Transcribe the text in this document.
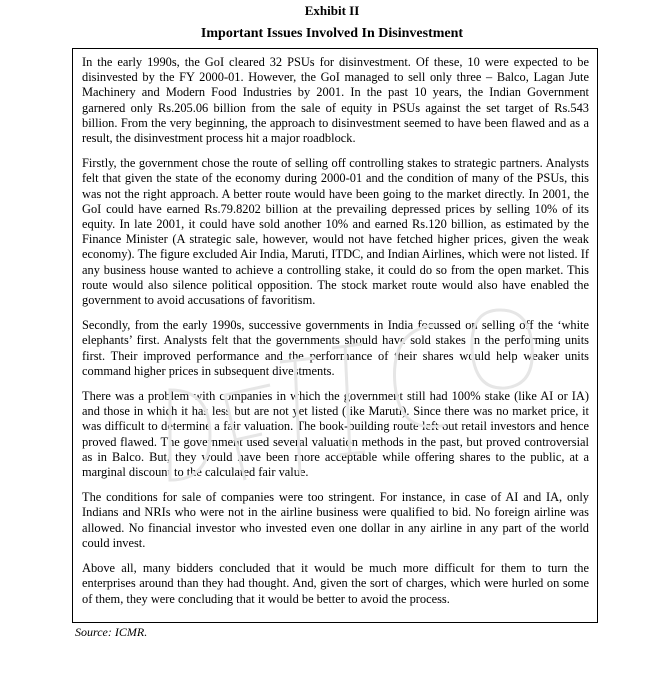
Exhibit II
Important Issues Involved In Disinvestment

In the early 1990s, the GoI cleared 32 PSUs for disinvestment. Of these, 10 were expected to be disinvested by the FY 2000-01. However, the GoI managed to sell only three – Balco, Lagan Jute Machinery and Modern Food Industries by 2001. In the past 10 years, the Indian Government garnered only Rs.205.06 billion from the sale of equity in PSUs against the set target of Rs.543 billion. From the very beginning, the approach to disinvestment seemed to have been flawed and as a result, the disinvestment process hit a major roadblock.

Firstly, the government chose the route of selling off controlling stakes to strategic partners. Analysts felt that given the state of the economy during 2000-01 and the condition of many of the PSUs, this was not the right approach. A better route would have been going to the market directly. In 2001, the GoI could have earned Rs.79.8202 billion at the prevailing depressed prices by selling 10% of its equity. In late 2001, it could have sold another 10% and earned Rs.120 billion, as estimated by the Finance Minister (A strategic sale, however, would not have fetched higher prices, given the weak economy). The figure excluded Air India, Maruti, ITDC, and Indian Airlines, which were not listed. If any business house wanted to achieve a controlling stake, it could do so from the open market. This route would also silence political opposition. The stock market route would also have enabled the government to avoid accusations of favoritism.

Secondly, from the early 1990s, successive governments in India focussed on selling off the ‘white elephants’ first. Analysts felt that the governments should have sold stakes in the performing units first. Their improved performance and the performance of their shares would help weaker units command higher prices in subsequent divestments.

There was a problem with companies in which the government still had 100% stake (like AI or IA) and those in which it has less but are not yet listed (like Maruti). Since there was no market price, it was difficult to determine a fair valuation. The book-building route left out retail investors and hence proved flawed. The government used several valuation methods in the past, but proved controversial as in Balco. But, they would have been more acceptable while offering shares to the public, at a marginal discount to the calculated fair value.

The conditions for sale of companies were too stringent. For instance, in case of AI and IA, only Indians and NRIs who were not in the airline business were qualified to bid. No foreign airline was allowed. No financial investor who invested even one dollar in any airline in any part of the world could invest.

Above all, many bidders concluded that it would be much more difficult for them to turn the enterprises around than they had thought. And, given the sort of charges, which were hurled on some of them, they were concluding that it would be better to avoid the process.

Source: ICMR.
